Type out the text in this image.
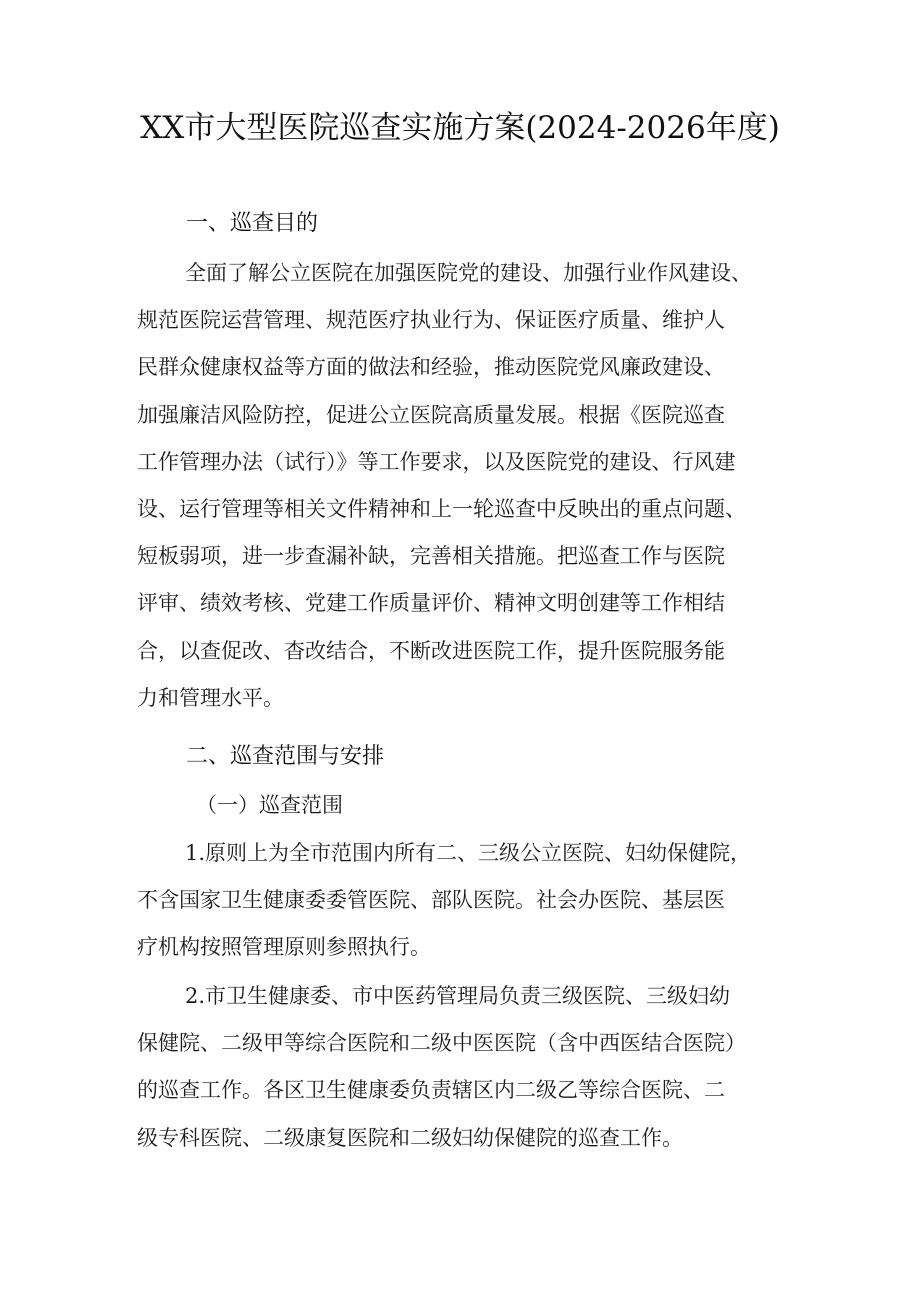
XX市大型医院巡查实施方案(2024-2026年度)
一、巡查目的
全面了解公立医院在加强医院党的建设、加强行业作风建设、
规范医院运营管理、规范医疗执业行为、保证医疗质量、维护人
民群众健康权益等方面的做法和经验，推动医院党风廉政建设、
加强廉洁风险防控，促进公立医院高质量发展。根据《医院巡查
工作管理办法（试行）》等工作要求，以及医院党的建设、行风建
设、运行管理等相关文件精神和上一轮巡查中反映出的重点问题、
短板弱项，进一步查漏补缺，完善相关措施。把巡查工作与医院
评审、绩效考核、党建工作质量评价、精神文明创建等工作相结
合，以查促改、杳改结合，不断改进医院工作，提升医院服务能
力和管理水平。
二、巡查范围与安排
（一）巡查范围
1.原则上为全市范围内所有二、三级公立医院、妇幼保健院，
不含国家卫生健康委委管医院、部队医院。社会办医院、基层医
疗机构按照管理原则参照执行。
2.市卫生健康委、市中医药管理局负责三级医院、三级妇幼
保健院、二级甲等综合医院和二级中医医院（含中西医结合医院）
的巡查工作。各区卫生健康委负责辖区内二级乙等综合医院、二
级专科医院、二级康复医院和二级妇幼保健院的巡查工作。
